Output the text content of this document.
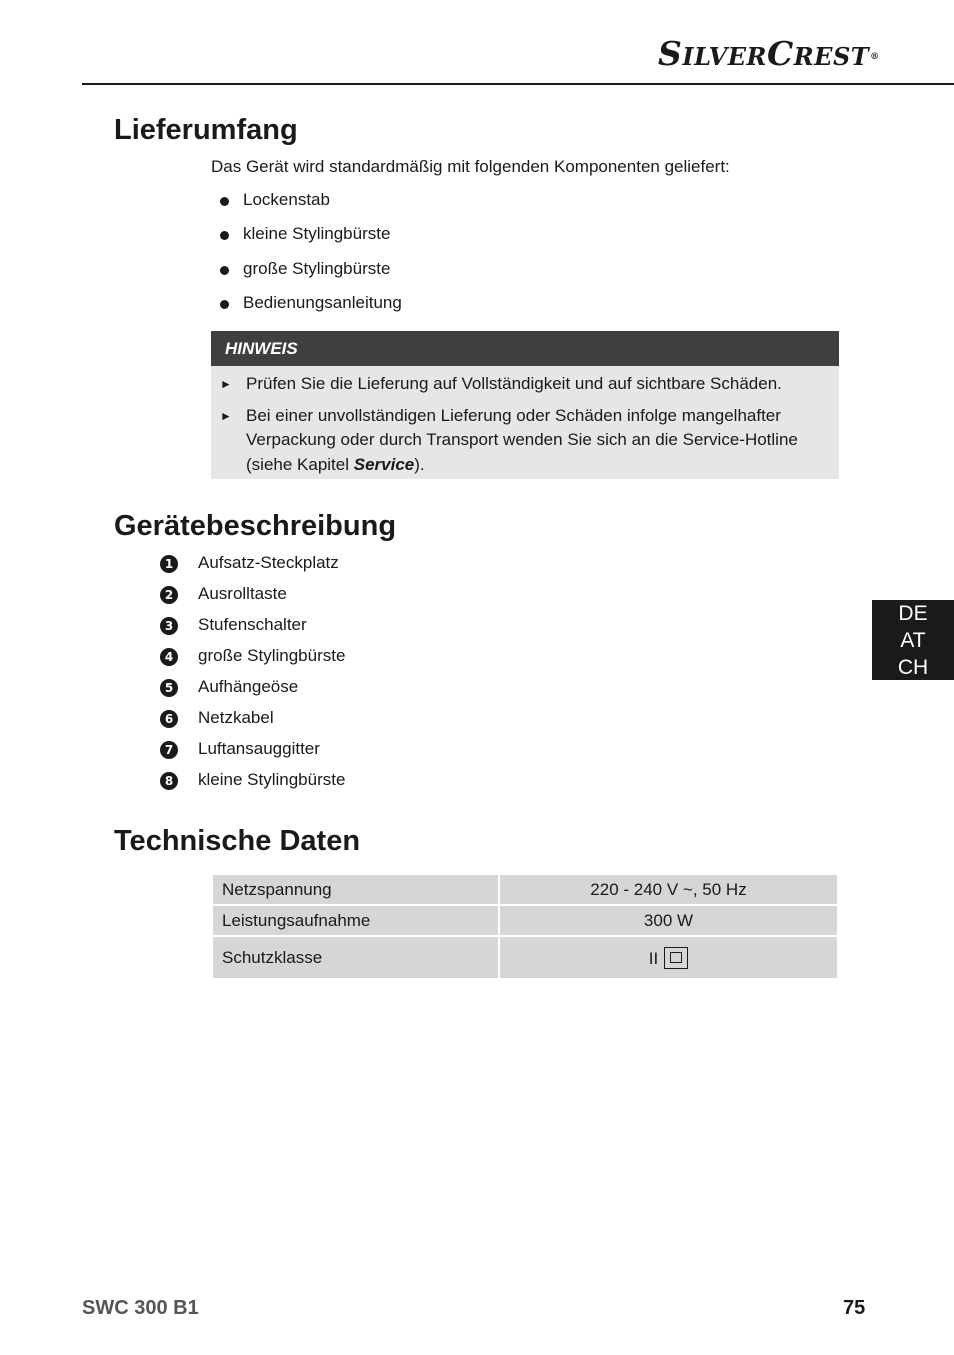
SILVERCREST®
Lieferumfang
Das Gerät wird standardmäßig mit folgenden Komponenten geliefert:
Lockenstab
kleine Stylingbürste
große Stylingbürste
Bedienungsanleitung
HINWEIS
► Prüfen Sie die Lieferung auf Vollständigkeit und auf sichtbare Schäden.
► Bei einer unvollständigen Lieferung oder Schäden infolge mangelhafter Verpackung oder durch Transport wenden Sie sich an die Service-Hotline (siehe Kapitel Service).
Gerätebeschreibung
1 Aufsatz-Steckplatz
2 Ausrolltaste
3 Stufenschalter
4 große Stylingbürste
5 Aufhängeöse
6 Netzkabel
7 Luftansauggitter
8 kleine Stylingbürste
Technische Daten
Netzspannung	220 - 240 V ~, 50 Hz
Leistungsaufnahme	300 W
Schutzklasse	II
DE
AT
CH
SWC 300 B1	75
